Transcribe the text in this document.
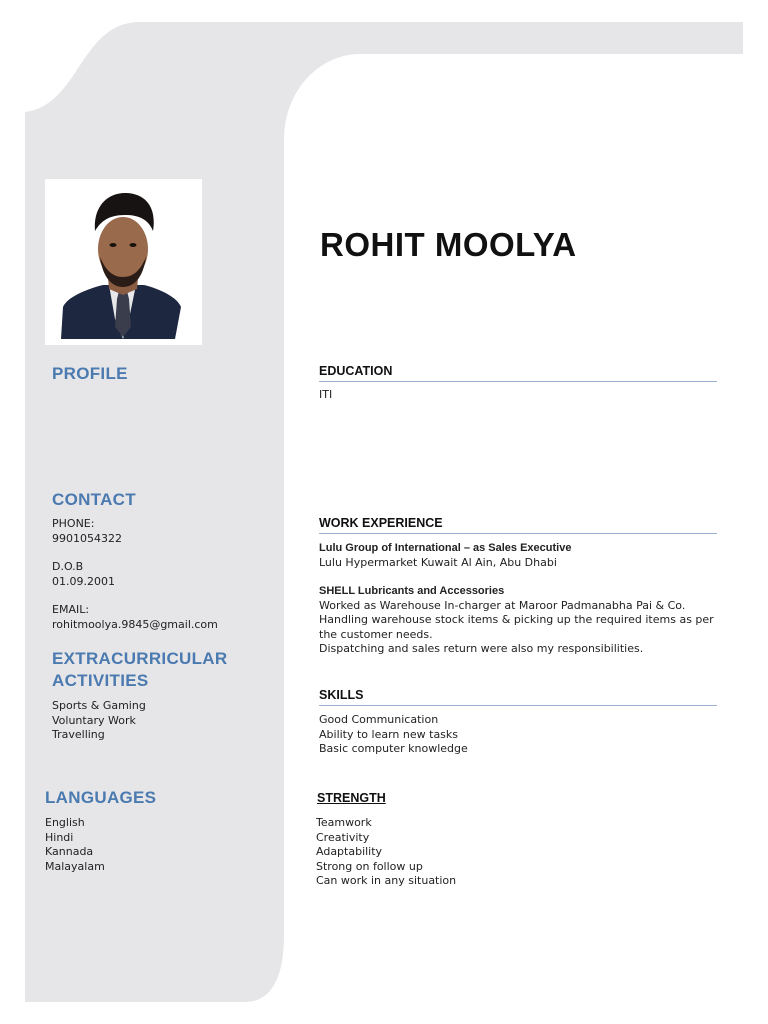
ROHIT MOOLYA
PROFILE
CONTACT
PHONE:
9901054322
D.O.B
01.09.2001
EMAIL:
rohitmoolya.9845@gmail.com
EXTRACURRICULAR
ACTIVITIES
Sports & Gaming
Voluntary Work
Travelling
LANGUAGES
English
Hindi
Kannada
Malayalam
EDUCATION
ITI
WORK EXPERIENCE
Lulu Group of International – as Sales Executive
Lulu Hypermarket Kuwait Al Ain, Abu Dhabi
SHELL Lubricants and Accessories
Worked as Warehouse In-charger at Maroor Padmanabha Pai & Co.
Handling warehouse stock items & picking up the required items as per
the customer needs.
Dispatching and sales return were also my responsibilities.
SKILLS
Good Communication
Ability to learn new tasks
Basic computer knowledge
STRENGTH
Teamwork
Creativity
Adaptability
Strong on follow up
Can work in any situation
